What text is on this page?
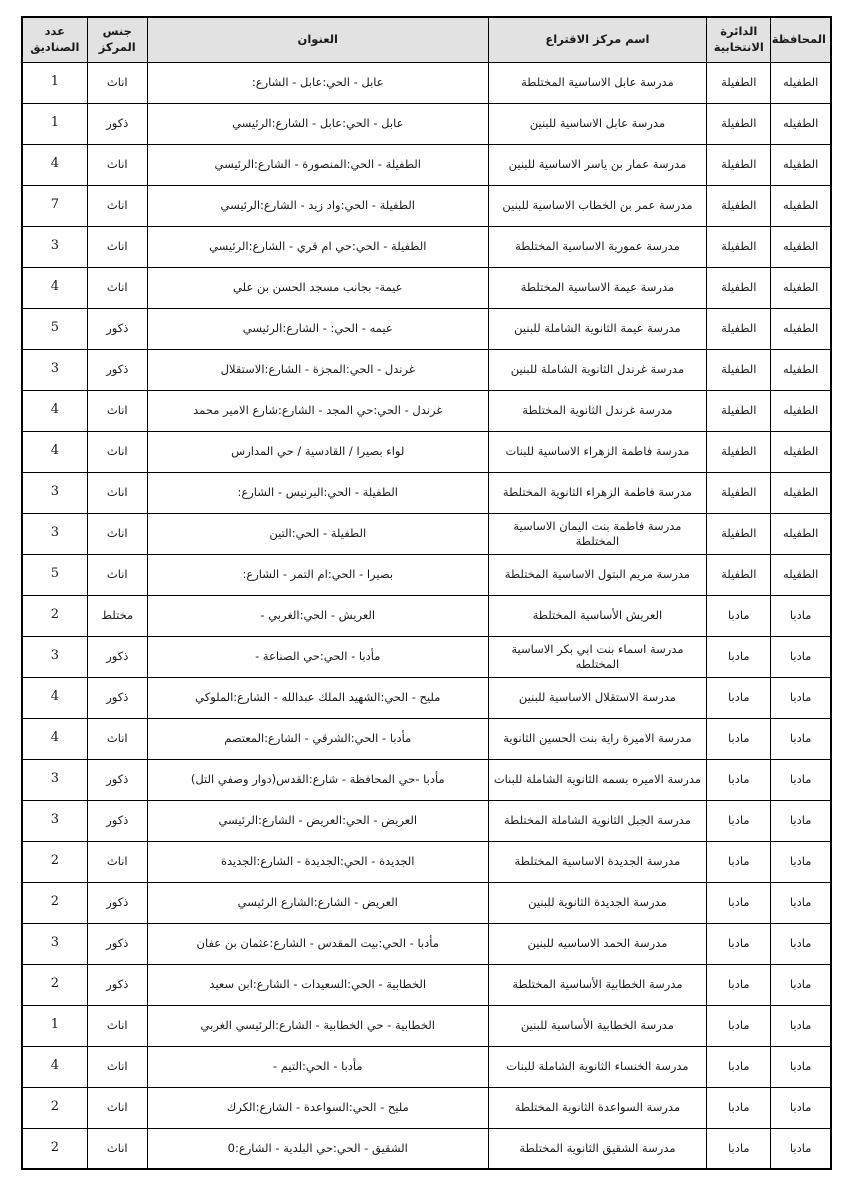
المحافظة	الدائرة الانتخابية	اسم مركز الاقتراع	العنوان	جنس المركز	عدد الصناديق
الطفيله	الطفيلة	مدرسة عابل الاساسية المختلطة	عابل - الحي:عابل - الشارع:	اناث	1
الطفيله	الطفيلة	مدرسة عابل الاساسية للبنين	عابل - الحي:عابل - الشارع:الرئيسي	ذكور	1
الطفيله	الطفيلة	مدرسة عمار بن ياسر الاساسية للبنين	الطفيلة - الحي:المنصورة - الشارع:الرئيسي	اناث	4
الطفيله	الطفيلة	مدرسة عمر بن الخطاب الاساسية للبنين	الطفيلة - الحي:واد زيد - الشارع:الرئيسي	اناث	7
الطفيله	الطفيلة	مدرسة عمورية الاساسية المختلطة	الطفيلة - الحي:حي ام قري - الشارع:الرئيسي	اناث	3
الطفيله	الطفيلة	مدرسة عيمة الاساسية المختلطة	عيمة- بجانب مسجد الحسن بن علي	اناث	4
الطفيله	الطفيلة	مدرسة عيمة الثانوية الشاملة للبنين	عيمه - الحي: - الشارع:الرئيسي	ذكور	5
الطفيله	الطفيلة	مدرسة غرندل الثانوية الشاملة للبنين	غرندل - الحي:المجزة - الشارع:الاستقلال	ذكور	3
الطفيله	الطفيلة	مدرسة غرندل الثانوية المختلطة	غرندل - الحي:حي المجد - الشارع:شارع الامير محمد	اناث	4
الطفيله	الطفيلة	مدرسة فاطمة الزهراء الاساسية للبنات	لواء بصيرا / القادسية / حي المدارس	اناث	4
الطفيله	الطفيلة	مدرسة فاطمة الزهراء الثانوية المختلطة	الطفيلة - الحي:البرنيس - الشارع:	اناث	3
الطفيله	الطفيلة	مدرسة فاطمة بنت اليمان الاساسية المختلطة	الطفيلة - الحي:التين	اناث	3
الطفيله	الطفيلة	مدرسة مريم البتول الاساسية المختلطة	بصيرا - الحي:ام التمر - الشارع:	اناث	5
مادبا	مادبا	العريش الأساسية المختلطة	العريش - الحي:الغربي -	مختلط	2
مادبا	مادبا	مدرسة اسماء بنت ابي بكر الاساسية المختلطه	مأدبا - الحي:حي الصناعة -	ذكور	3
مادبا	مادبا	مدرسة الاستقلال الاساسية للبنين	مليح - الحي:الشهيد الملك عبدالله - الشارع:الملوكي	ذكور	4
مادبا	مادبا	مدرسة الاميرة راية بنت الحسين الثانوية	مأدبا - الحي:الشرقي - الشارع:المعتصم	اناث	4
مادبا	مادبا	مدرسة الاميره بسمه الثانوية الشاملة للبنات	مأدبا -حي المحافظة - شارع:القدس(دوار وصفي التل)	ذكور	3
مادبا	مادبا	مدرسة الجبل الثانوية الشاملة المختلطة	العريض - الحي:العريض - الشارع:الرئيسي	ذكور	3
مادبا	مادبا	مدرسة الجديدة الاساسية المختلطة	الجديدة - الحي:الجديدة - الشارع:الجديدة	اناث	2
مادبا	مادبا	مدرسة الجديدة الثانوية للبنين	العريض - الشارع:الشارع الرئيسي	ذكور	2
مادبا	مادبا	مدرسة الحمد الاساسيه للبنين	مأدبا - الحي:بيت المقدس - الشارع:عثمان بن عفان	ذكور	3
مادبا	مادبا	مدرسة الخطابية الأساسية المختلطة	الخطابية - الحي:السعيدات - الشارع:ابن سعيد	ذكور	2
مادبا	مادبا	مدرسة الخطابية الأساسية للبنين	الخطابية - حي الخطابية - الشارع:الرئيسي الغربي	اناث	1
مادبا	مادبا	مدرسة الخنساء الثانوية الشاملة للبنات	مأدبا - الحي:التيم -	اناث	4
مادبا	مادبا	مدرسة السواعدة الثانوية المختلطة	مليح - الحي:السواعدة - الشارع:الكرك	اناث	2
مادبا	مادبا	مدرسة الشقيق الثانوية المختلطة	الشقيق - الحي:حي البلدية - الشارع:0	اناث	2
